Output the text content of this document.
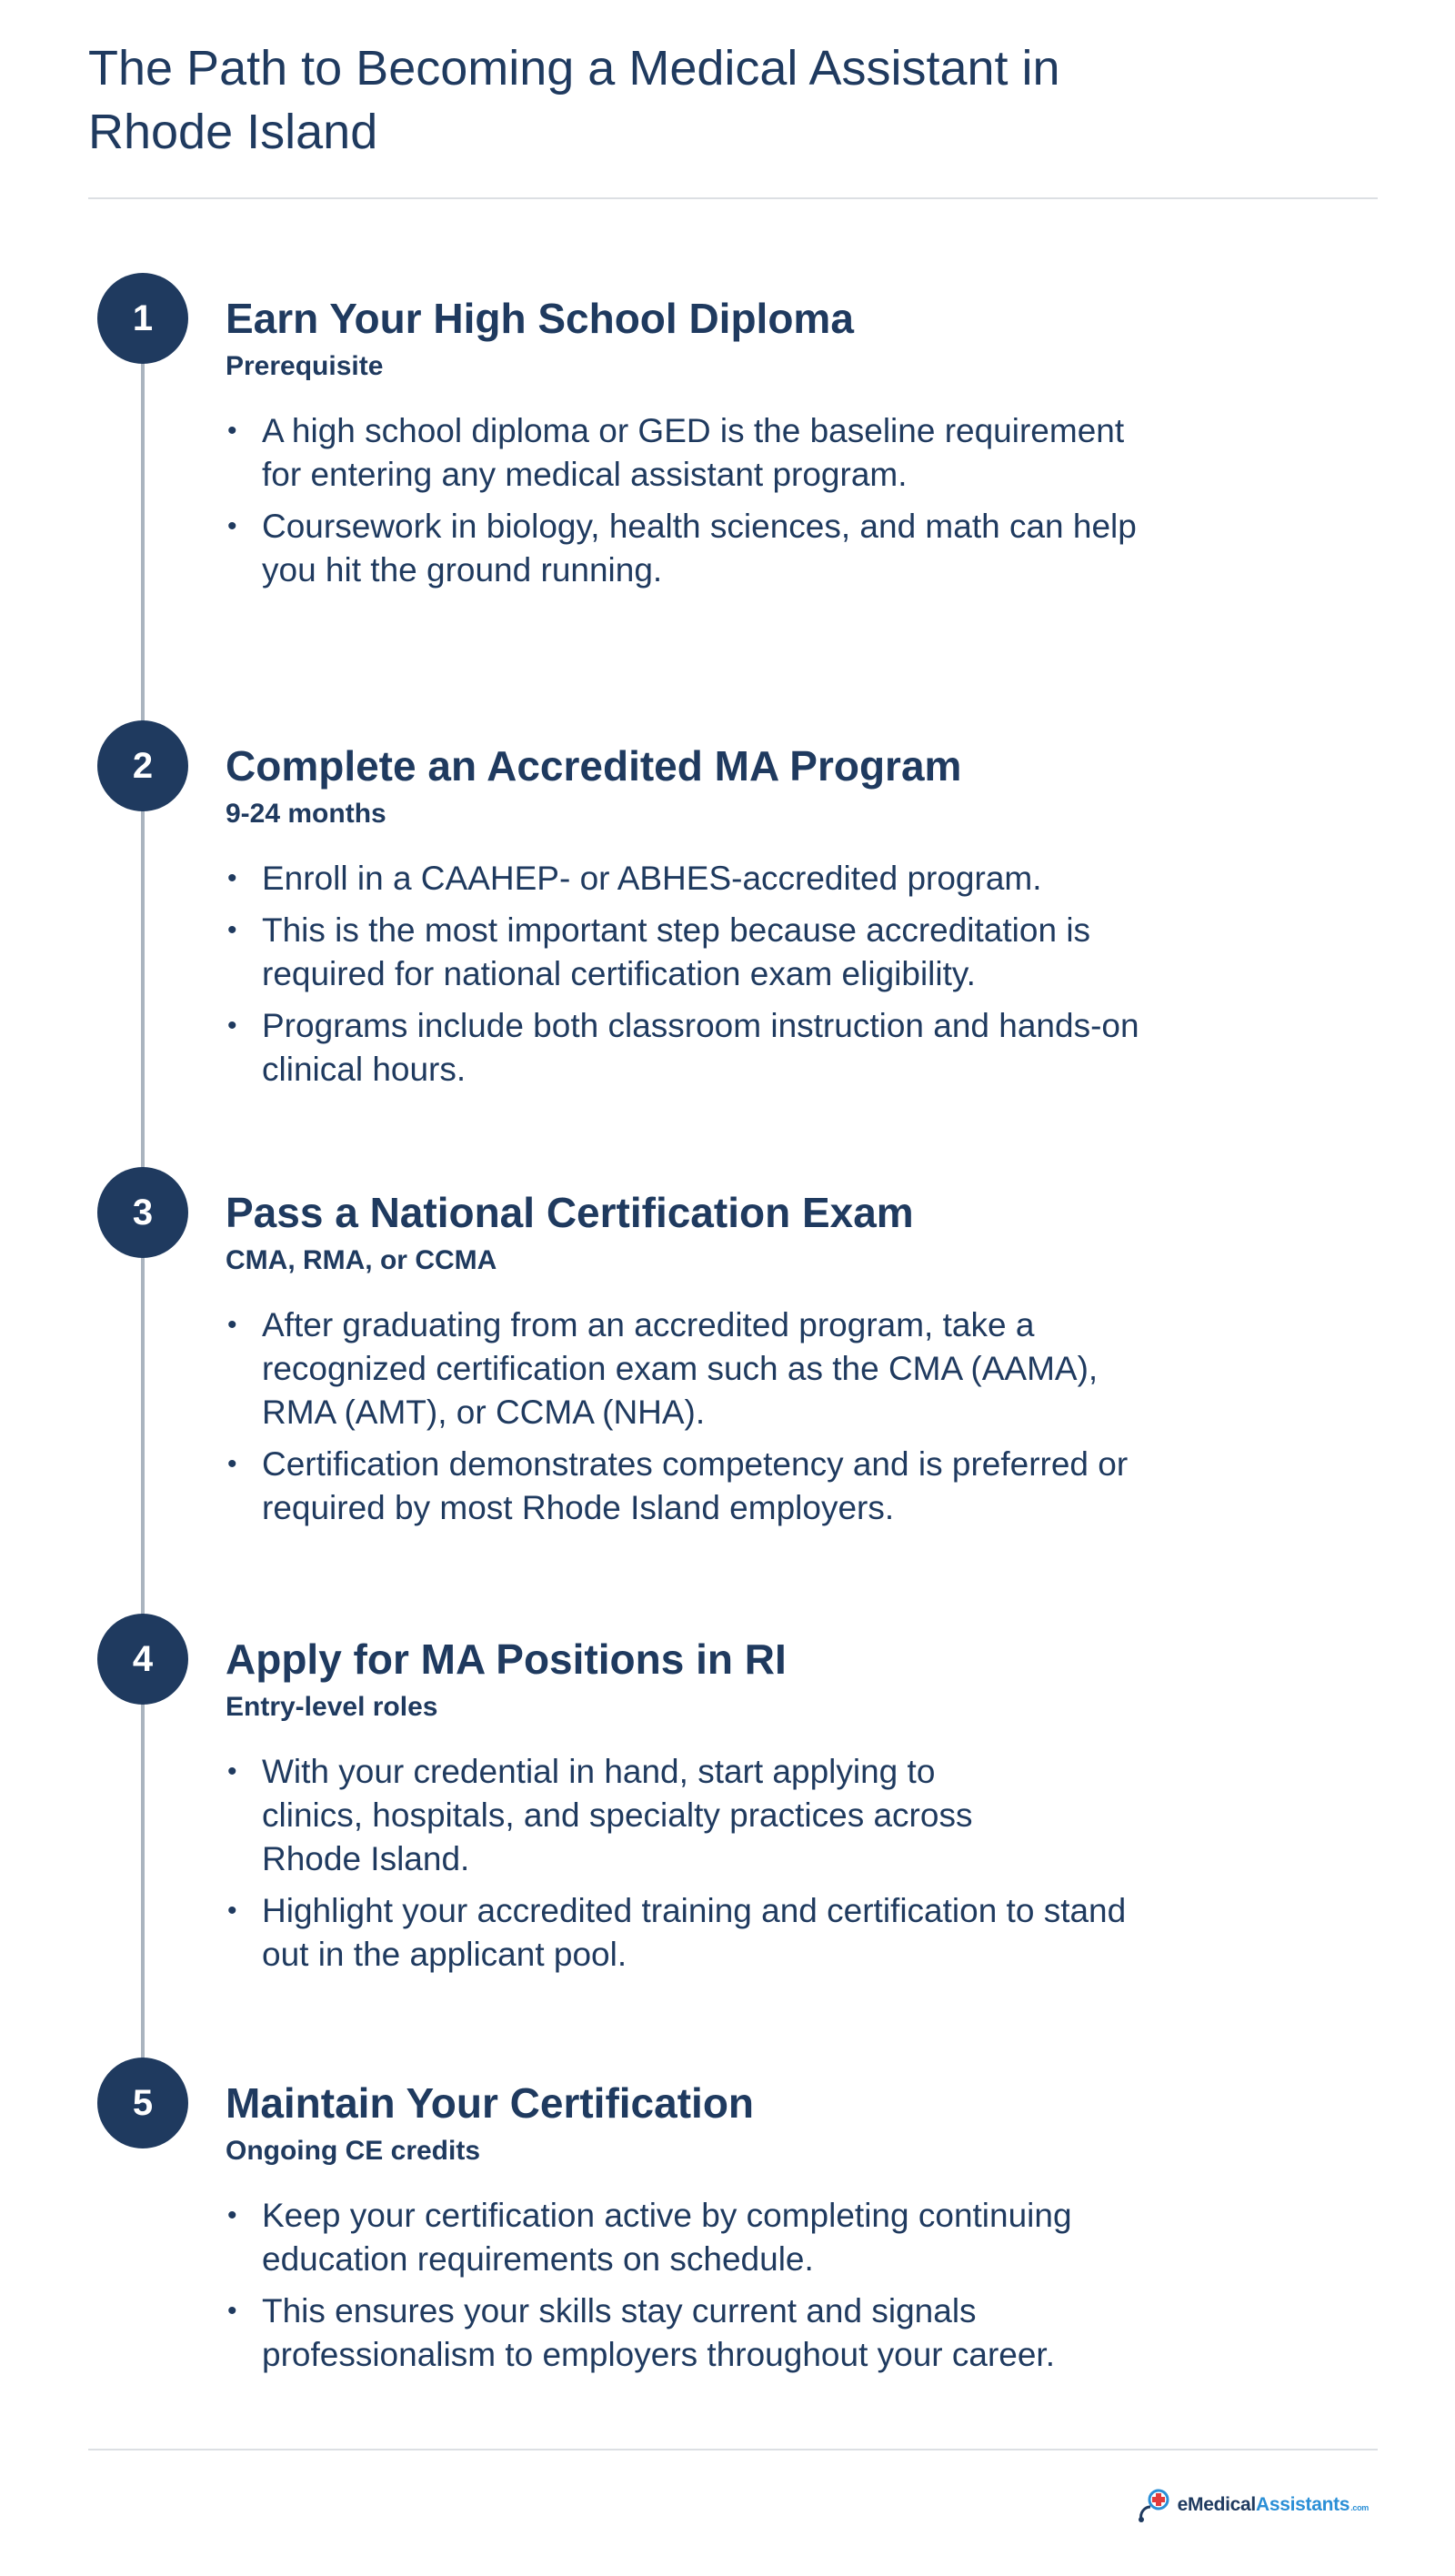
The Path to Becoming a Medical Assistant in Rhode Island
1	Earn Your High School Diploma
Prerequisite
• A high school diploma or GED is the baseline requirement for entering any medical assistant program.
• Coursework in biology, health sciences, and math can help you hit the ground running.
2	Complete an Accredited MA Program
9-24 months
• Enroll in a CAAHEP- or ABHES-accredited program.
• This is the most important step because accreditation is required for national certification exam eligibility.
• Programs include both classroom instruction and hands-on clinical hours.
3	Pass a National Certification Exam
CMA, RMA, or CCMA
• After graduating from an accredited program, take a recognized certification exam such as the CMA (AAMA), RMA (AMT), or CCMA (NHA).
• Certification demonstrates competency and is preferred or required by most Rhode Island employers.
4	Apply for MA Positions in RI
Entry-level roles
• With your credential in hand, start applying to clinics, hospitals, and specialty practices across Rhode Island.
• Highlight your accredited training and certification to stand out in the applicant pool.
5	Maintain Your Certification
Ongoing CE credits
• Keep your certification active by completing continuing education requirements on schedule.
• This ensures your skills stay current and signals professionalism to employers throughout your career.
eMedicalAssistants.com
